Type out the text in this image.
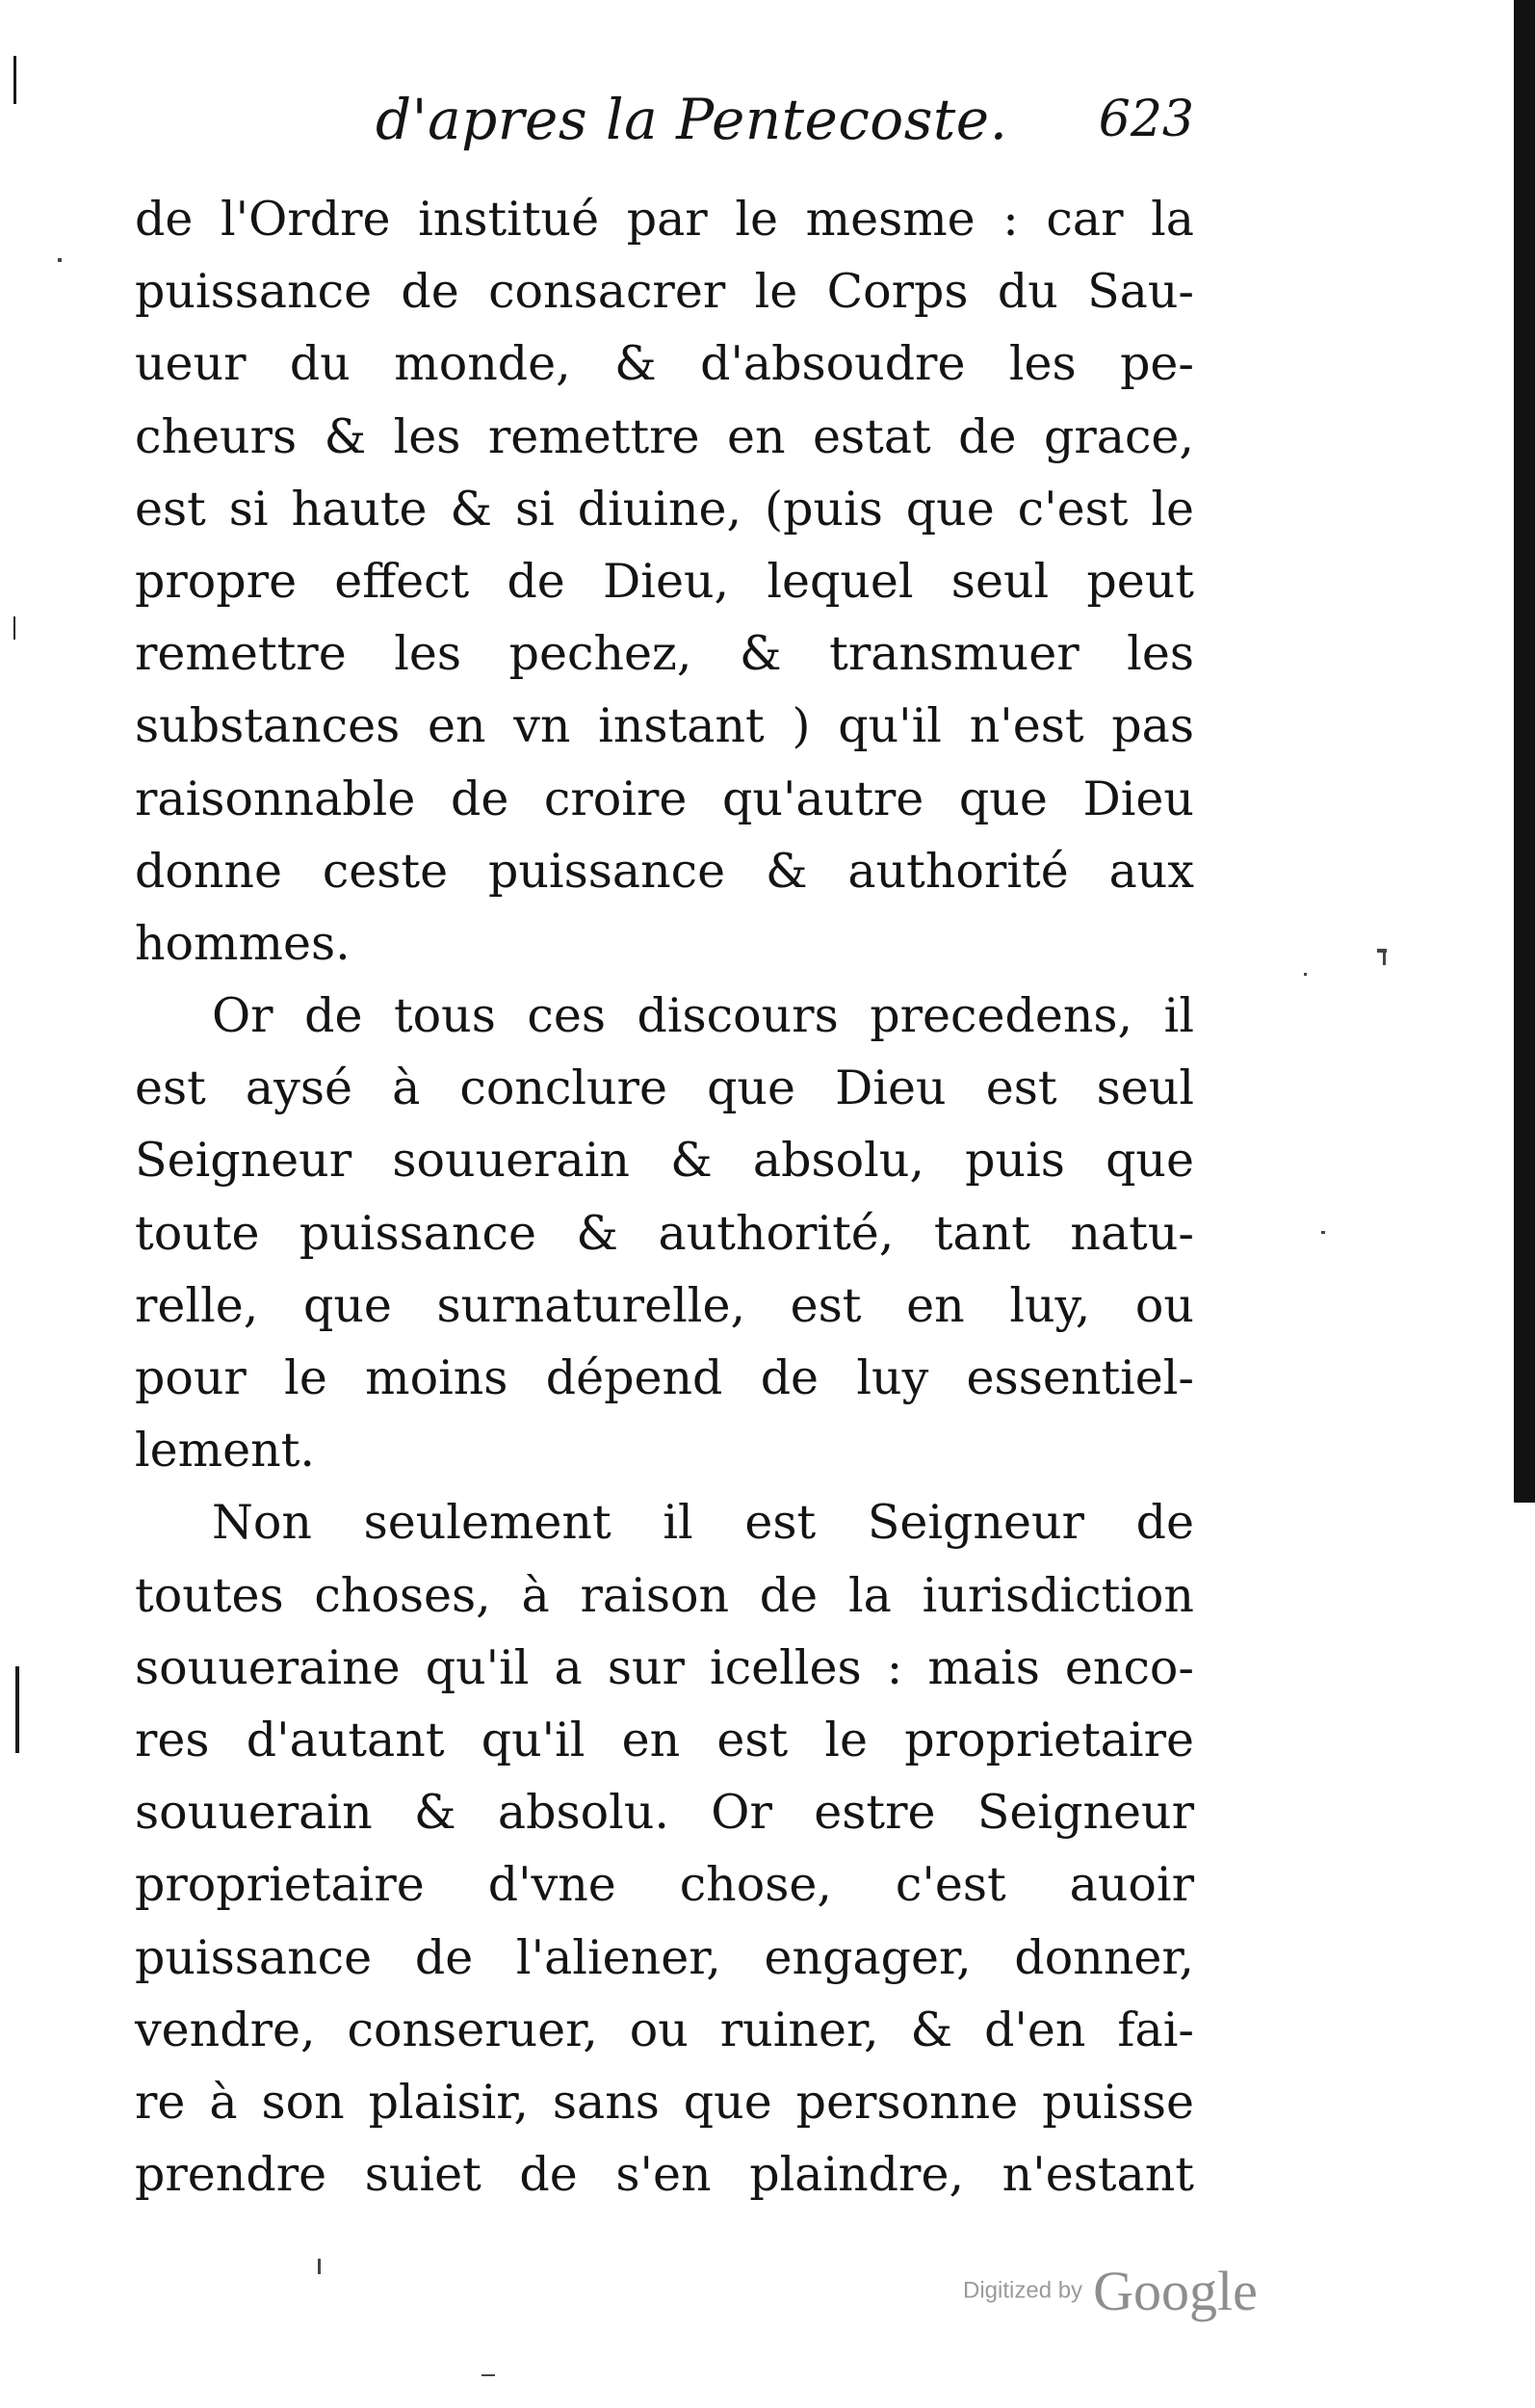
d'apres la Pentecoste. 623
de l'Ordre institué par le mesme : car la
puissance de consacrer le Corps du Sau-
ueur du monde, & d'absoudre les pe-
cheurs & les remettre en estat de grace,
est si haute & si diuine, (puis que c'est le
propre effect de Dieu, lequel seul peut
remettre les pechez, & transmuer les
substances en vn instant ) qu'il n'est pas
raisonnable de croire qu'autre que Dieu
donne ceste puissance & authorité aux
hommes.
Or de tous ces discours precedens, il
est aysé à conclure que Dieu est seul
Seigneur souuerain & absolu, puis que
toute puissance & authorité, tant natu-
relle, que surnaturelle, est en luy, ou
pour le moins dépend de luy essentiel-
lement.
Non seulement il est Seigneur de
toutes choses, à raison de la iurisdiction
souueraine qu'il a sur icelles : mais enco-
res d'autant qu'il en est le proprietaire
souuerain & absolu. Or estre Seigneur
proprietaire d'vne chose, c'est auoir
puissance de l'aliener, engager, donner,
vendre, conseruer, ou ruiner, & d'en fai-
re à son plaisir, sans que personne puisse
prendre suiet de s'en plaindre, n'estant
Digitized by Google
